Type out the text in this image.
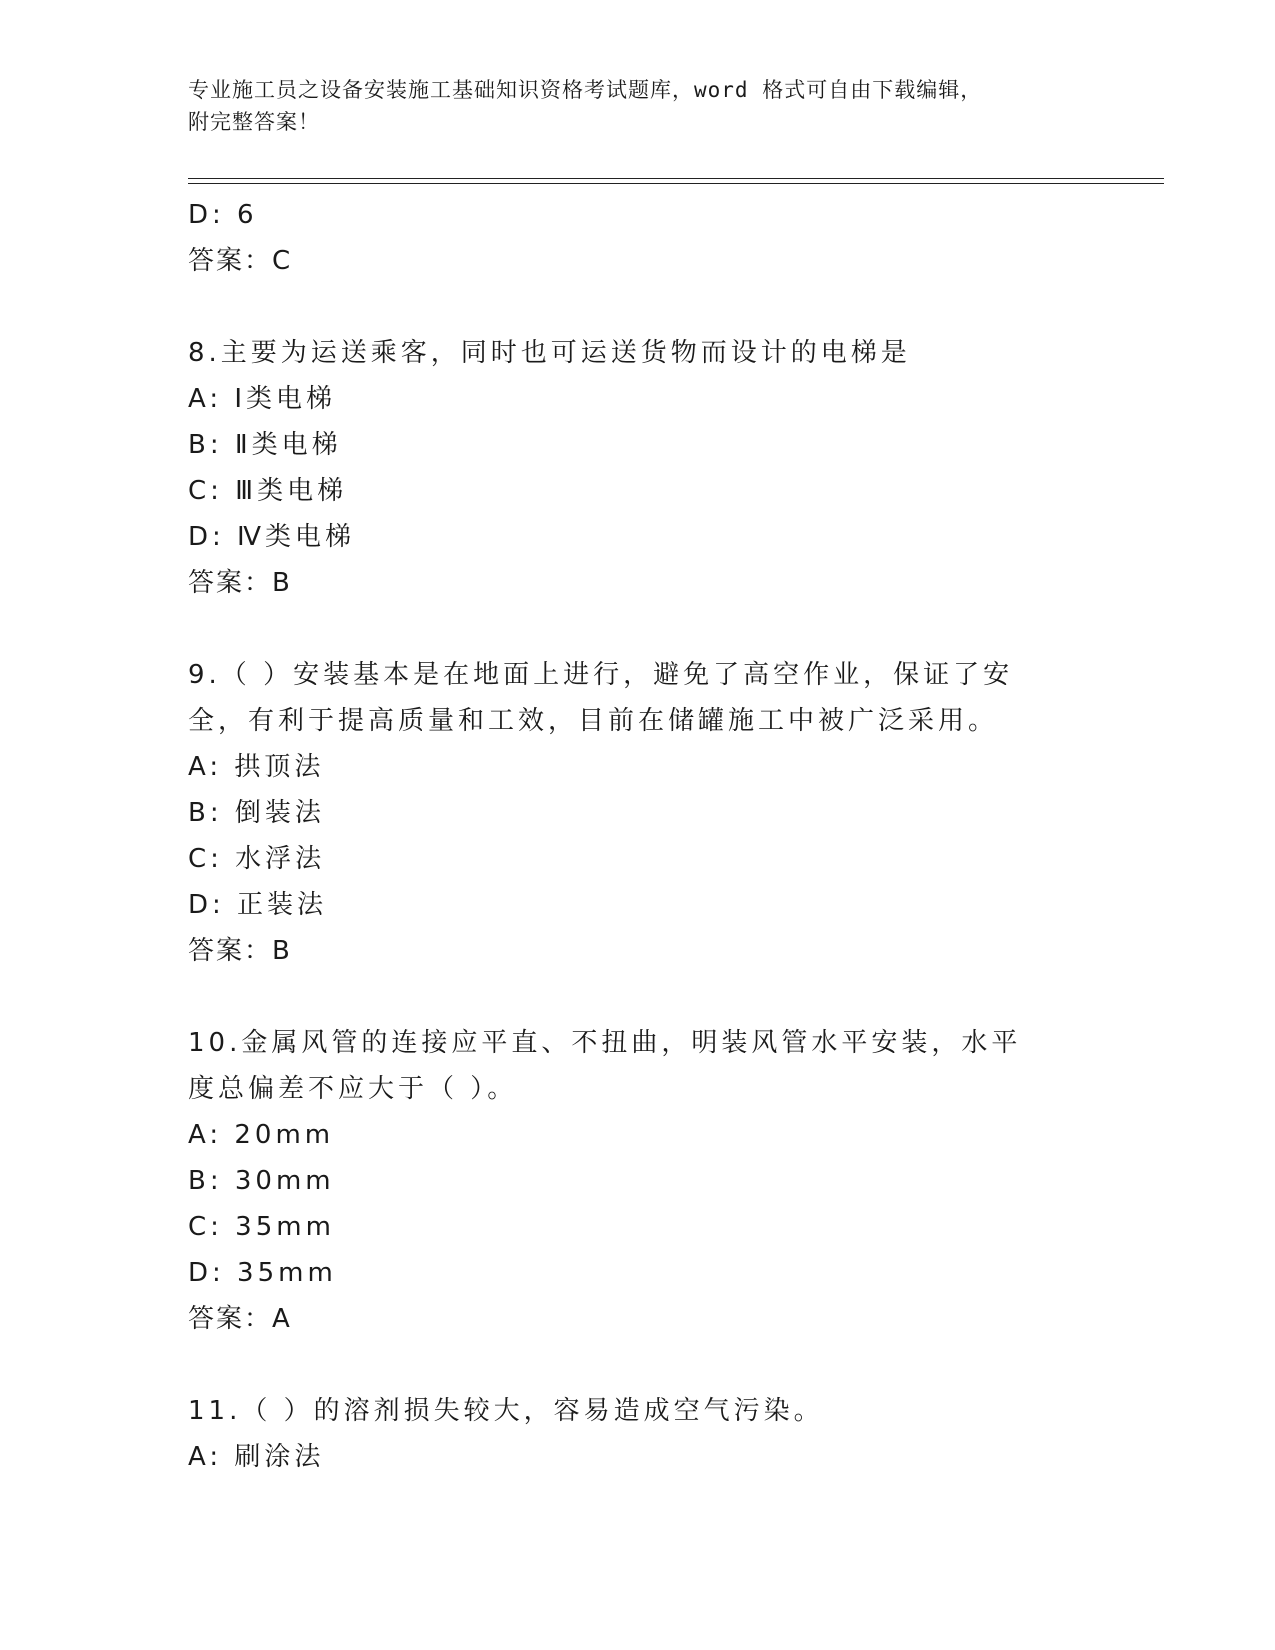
专业施工员之设备安装施工基础知识资格考试题库，word 格式可自由下载编辑，
附完整答案！
D: 6
答案：C
8.主要为运送乘客，同时也可运送货物而设计的电梯是
A: Ⅰ类电梯
B: Ⅱ类电梯
C: Ⅲ类电梯
D: Ⅳ类电梯
答案：B
9.（ ）安装基本是在地面上进行，避免了高空作业，保证了安全，有利于提高质量和工效，目前在储罐施工中被广泛采用。
A: 拱顶法
B: 倒装法
C: 水浮法
D: 正装法
答案：B
10.金属风管的连接应平直、不扭曲，明装风管水平安装，水平度总偏差不应大于（ ）。
A: 20mm
B: 30mm
C: 35mm
D: 35mm
答案：A
11.（ ）的溶剂损失较大，容易造成空气污染。
A: 刷涂法
